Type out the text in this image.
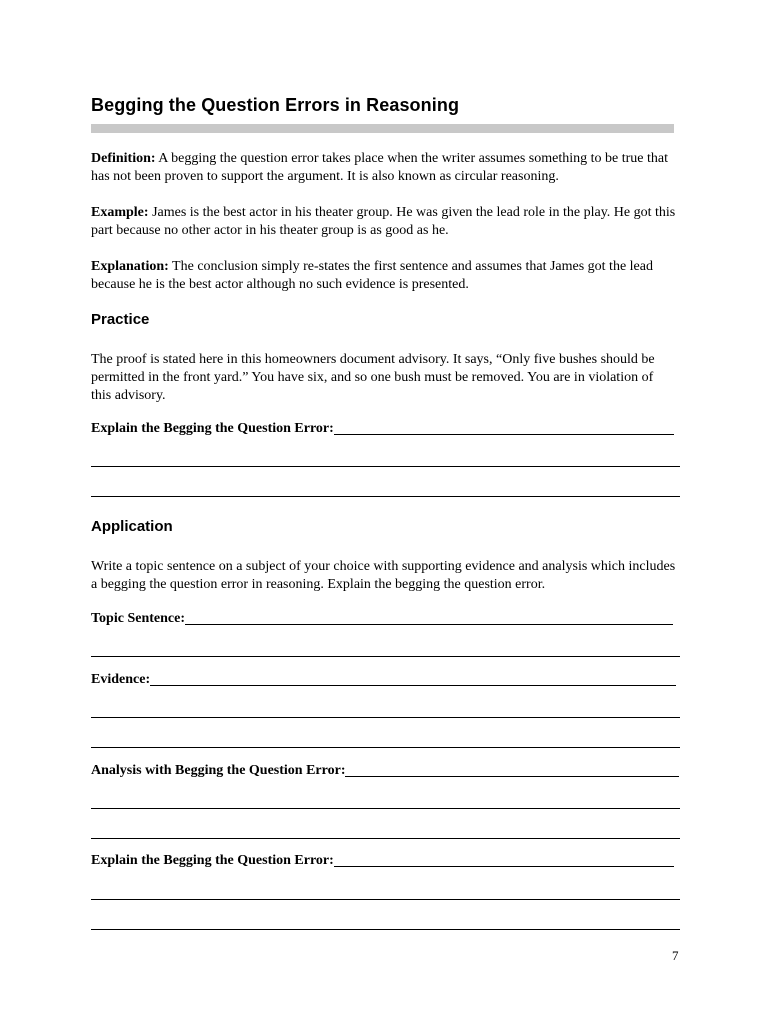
Begging the Question Errors in Reasoning

Definition: A begging the question error takes place when the writer assumes something to be true that has not been proven to support the argument. It is also known as circular reasoning.

Example: James is the best actor in his theater group. He was given the lead role in the play. He got this part because no other actor in his theater group is as good as he.

Explanation: The conclusion simply re-states the first sentence and assumes that James got the lead because he is the best actor although no such evidence is presented.

Practice

The proof is stated here in this homeowners document advisory. It says, “Only five bushes should be permitted in the front yard.” You have six, and so one bush must be removed. You are in violation of this advisory.

Explain the Begging the Question Error:
Application

Write a topic sentence on a subject of your choice with supporting evidence and analysis which includes a begging the question error in reasoning. Explain the begging the question error.

Topic Sentence:
Evidence:
Analysis with Begging the Question Error:
Explain the Begging the Question Error:
7
